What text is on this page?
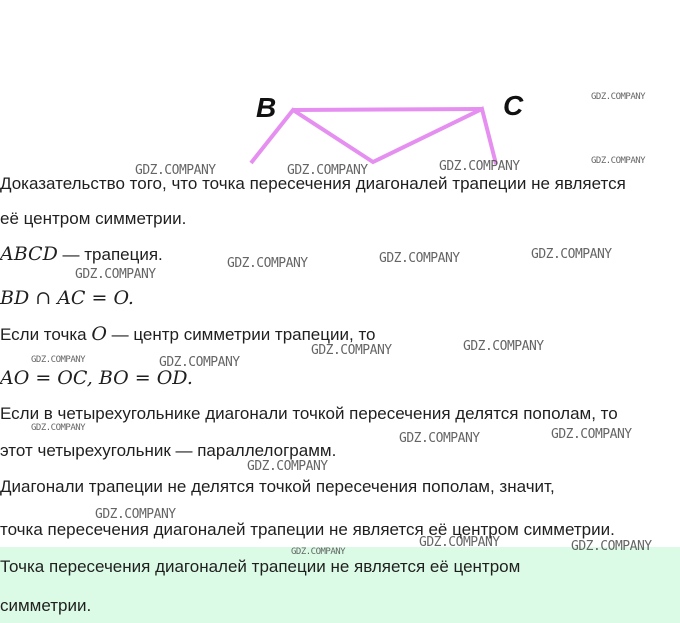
B	C
Доказательство того, что точка пересечения диагоналей трапеции не является
её центром симметрии.
ABCD — трапеция.
BD ∩ AC = O.
Если точка O — центр симметрии трапеции, то
AO = OC, BO = OD.
Если в четырехугольнике диагонали точкой пересечения делятся пополам, то
этот четырехугольник — параллелограмм.
Диагонали трапеции не делятся точкой пересечения пополам, значит,
точка пересечения диагоналей трапеции не является её центром симметрии.
Точка пересечения диагоналей трапеции не является её центром
симметрии.
GDZ.COMPANY
GDZ.COMPANY	GDZ.COMPANY	GDZ.COMPANY	GDZ.COMPANY
GDZ.COMPANY
GDZ.COMPANY	GDZ.COMPANY	GDZ.COMPANY
GDZ.COMPANY	GDZ.COMPANY
GDZ.COMPANY	GDZ.COMPANY
GDZ.COMPANY
GDZ.COMPANY	GDZ.COMPANY
GDZ.COMPANY
GDZ.COMPANY
GDZ.COMPANY
GDZ.COMPANY	GDZ.COMPANY
